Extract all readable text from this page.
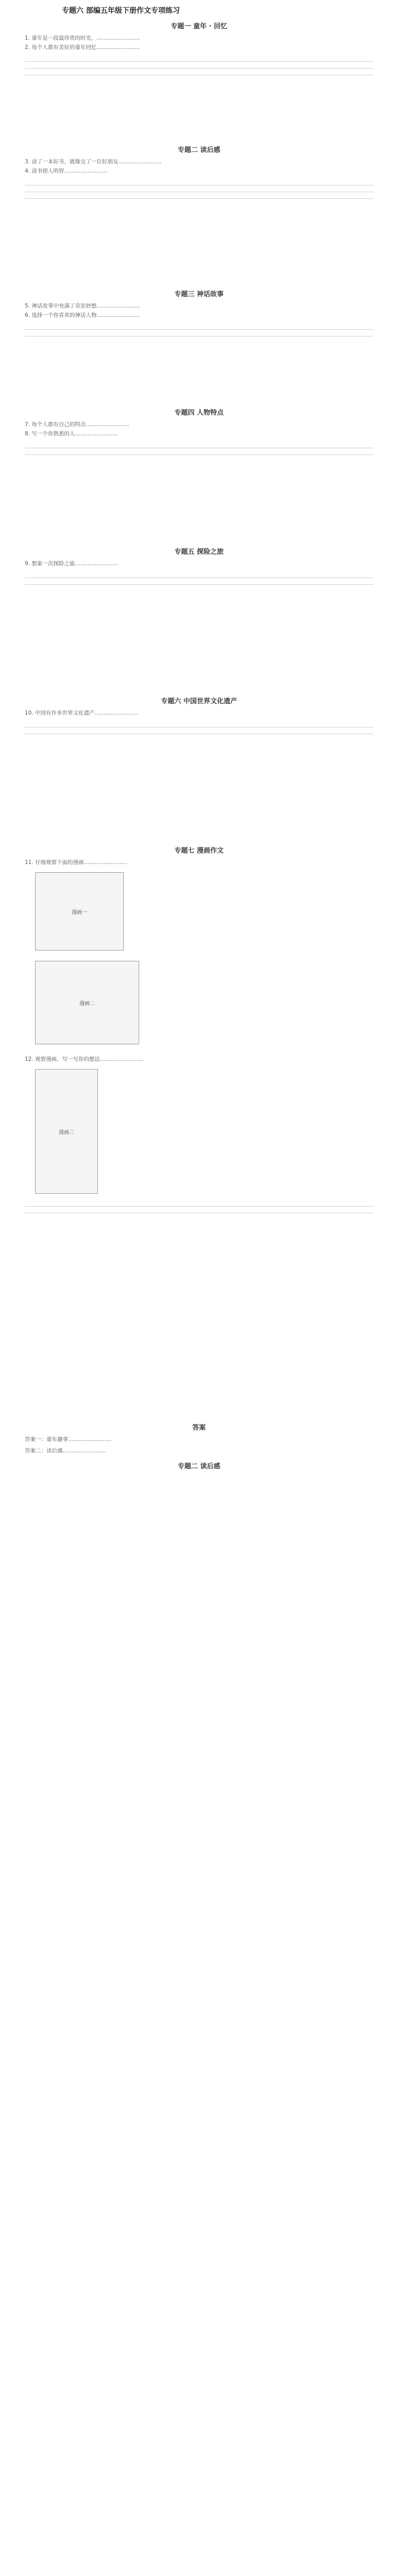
专题六 部编五年级下册作文专项练习

专题一 童年 · 回忆

1. 童年是一段最珍贵的时光，……………………

2. 每个人都有美好的童年回忆……………………

专题二 读后感

3. 读了一本好书，就像交了一位好朋友……………………

4. 读书使人明智……………………

专题三 神话故事

5. 神话故事中充满了奇思妙想……………………

6. 选择一个你喜欢的神话人物……………………

专题四 人物特点

7. 每个人都有自己的特点……………………

8. 写一个你熟悉的人……………………

专题五 探险之旅

9. 想象一次探险之旅……………………

专题六 中国世界文化遗产

10. 中国有许多世界文化遗产……………………

专题七 漫画作文

11. 仔细观察下面的漫画……………………

漫画一
漫画二

12. 观察漫画，写一写你的想法……………………

漫画三

答案

答案一：童年趣事……………………

答案二：读后感……………………

专题二 读后感
